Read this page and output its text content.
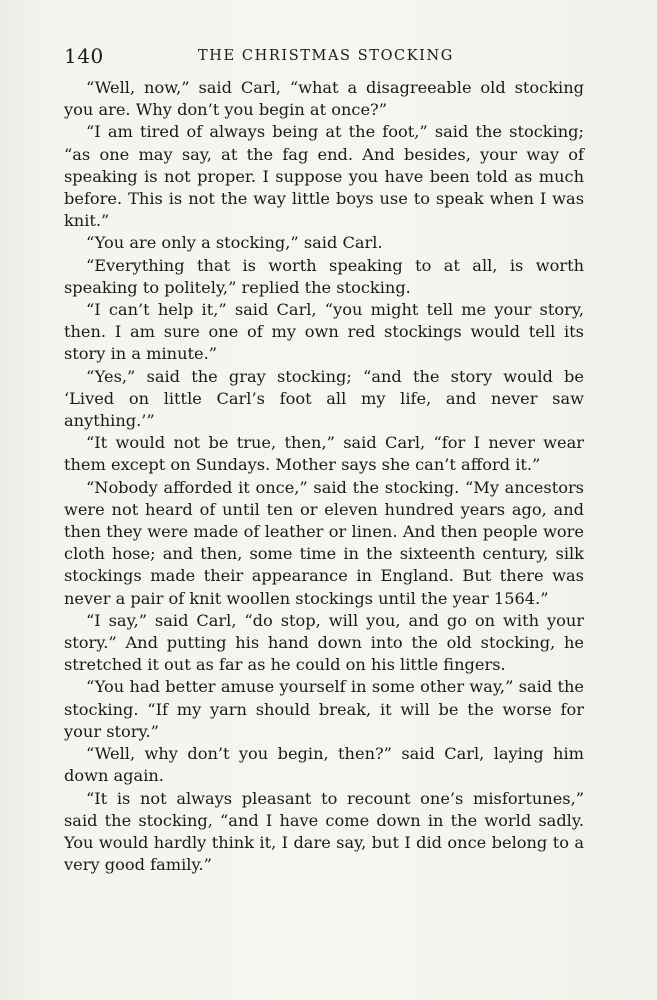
140	THE CHRISTMAS STOCKING

“Well, now,” said Carl, “what a disagreeable old stocking you are. Why don’t you begin at once?”

“I am tired of always being at the foot,” said the stocking; “as one may say, at the fag end. And besides, your way of speaking is not proper. I suppose you have been told as much before. This is not the way little boys use to speak when I was knit.”

“You are only a stocking,” said Carl.

“Everything that is worth speaking to at all, is worth speaking to politely,” replied the stocking.

“I can’t help it,” said Carl, “you might tell me your story, then. I am sure one of my own red stockings would tell its story in a minute.”

“Yes,” said the gray stocking; “and the story would be ‘Lived on little Carl’s foot all my life, and never saw anything.’”

“It would not be true, then,” said Carl, “for I never wear them except on Sundays. Mother says she can’t afford it.”

“Nobody afforded it once,” said the stocking. “My ancestors were not heard of until ten or eleven hundred years ago, and then they were made of leather or linen. And then people wore cloth hose; and then, some time in the sixteenth century, silk stockings made their appearance in England. But there was never a pair of knit woollen stockings until the year 1564.”

“I say,” said Carl, “do stop, will you, and go on with your story.” And putting his hand down into the old stocking, he stretched it out as far as he could on his little fingers.

“You had better amuse yourself in some other way,” said the stocking. “If my yarn should break, it will be the worse for your story.”

“Well, why don’t you begin, then?” said Carl, laying him down again.

“It is not always pleasant to recount one’s misfortunes,” said the stocking, “and I have come down in the world sadly. You would hardly think it, I dare say, but I did once belong to a very good family.”
